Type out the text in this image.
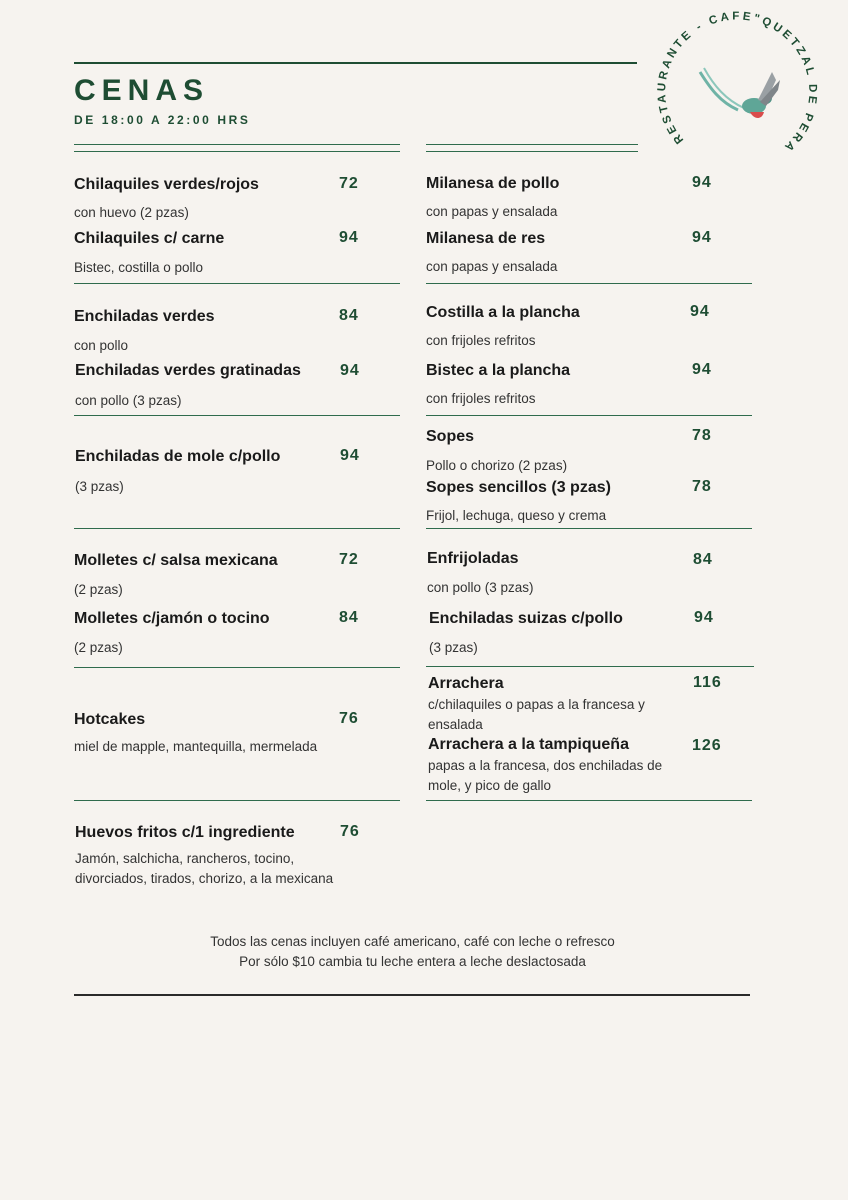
CENAS
DE 18:00 A 22:00 HRS
RESTAURANTE - CAFE"QUETZAL DE PERA
Chilaquiles verdes/rojos	72
con huevo (2 pzas)
Chilaquiles c/ carne	94
Bistec, costilla o pollo
Enchiladas verdes	84
con pollo
Enchiladas verdes gratinadas 94
con pollo (3 pzas)
Enchiladas de mole c/pollo	94
(3 pzas)
Molletes c/ salsa mexicana	72
(2 pzas)
Molletes c/jamón o tocino	84
(2 pzas)
Hotcakes	76
miel de mapple, mantequilla, mermelada
Huevos fritos c/1 ingrediente	76
Jamón, salchicha, rancheros, tocino, divorciados, tirados, chorizo, a la mexicana
Milanesa de pollo	94
con papas y ensalada
Milanesa de res	94
con papas y ensalada
Costilla a la plancha	94
con frijoles refritos
Bistec a la plancha	94
con frijoles refritos
Sopes	78
Pollo o chorizo (2 pzas)
Sopes sencillos (3 pzas)	78
Frijol, lechuga, queso y crema
Enfrijoladas	84
con pollo (3 pzas)
Enchiladas suizas c/pollo	94
(3 pzas)
Arrachera	116
c/chilaquiles o papas a la francesa y ensalada
Arrachera a la tampiqueña	126
papas a la francesa, dos enchiladas de mole, y pico de gallo
Todos las cenas incluyen café americano, café con leche o refresco
Por sólo $10 cambia tu leche entera a leche deslactosada
